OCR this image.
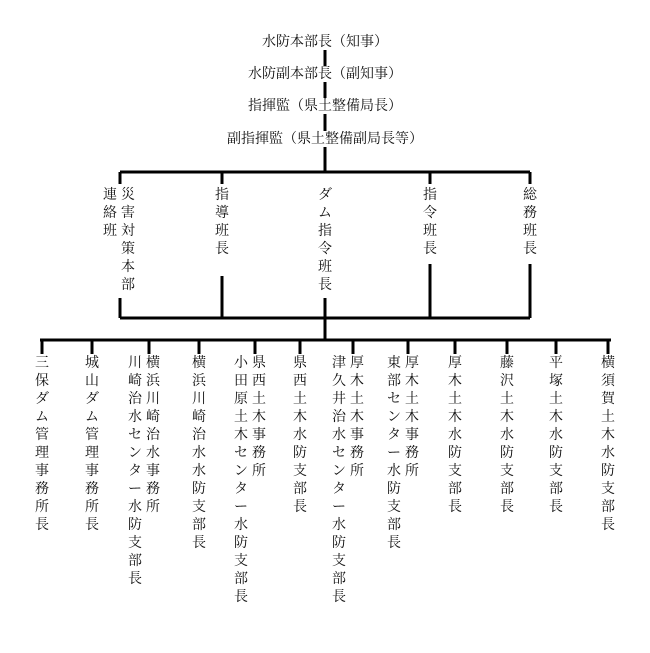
水防本部長（知事）
水防副本部長（副知事）
指揮監（県土整備局長）
副指揮監（県土整備副局長等）
災害対策本部連絡班
指導班長
ダム指令班長
指令班長
総務班長
三保ダム管理事務所長
城山ダム管理事務所長
横浜川崎治水事務所川崎治水センター水防支部長
横浜川崎治水水防支部長
県西土木事務所小田原土木センター水防支部長
県西土木水防支部長
厚木土木事務所津久井治水センター水防支部長
厚木土木事務所東部センター水防支部長
厚木土木水防支部長
藤沢土木水防支部長
平塚土木水防支部長
横須賀土木水防支部長
